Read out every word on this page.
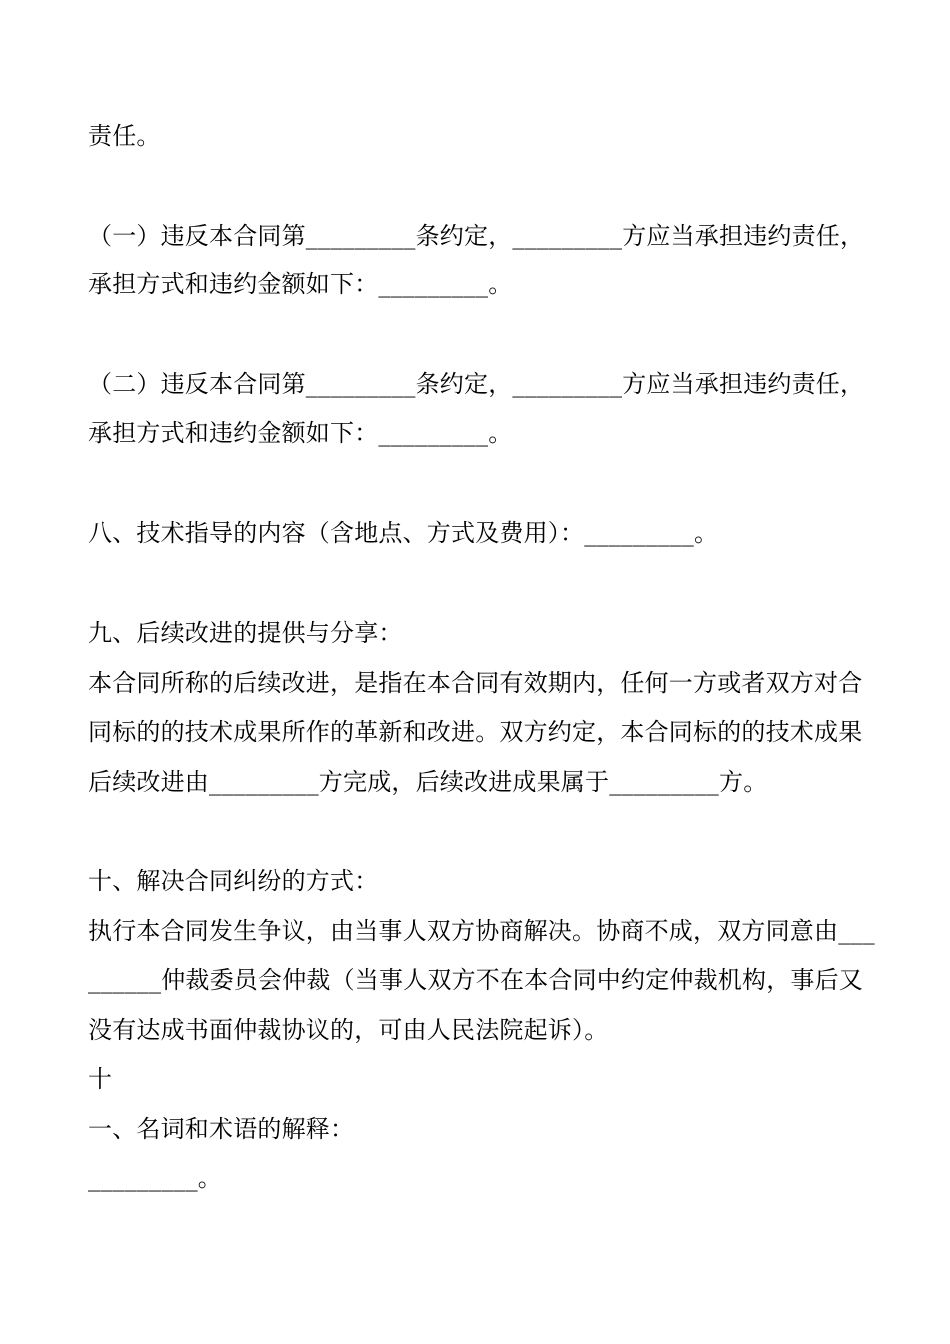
责任。
（一）违反本合同第_________条约定，_________方应当承担违约责任，
承担方式和违约金额如下：_________。
（二）违反本合同第_________条约定，_________方应当承担违约责任，
承担方式和违约金额如下：_________。
八、技术指导的内容（含地点、方式及费用）：_________。
九、后续改进的提供与分享：
本合同所称的后续改进，是指在本合同有效期内，任何一方或者双方对合
同标的的技术成果所作的革新和改进。双方约定，本合同标的的技术成果
后续改进由_________方完成，后续改进成果属于_________方。
十、解决合同纠纷的方式：
执行本合同发生争议，由当事人双方协商解决。协商不成，双方同意由___
______仲裁委员会仲裁（当事人双方不在本合同中约定仲裁机构，事后又
没有达成书面仲裁协议的，可由人民法院起诉）。
十
一、名词和术语的解释：
_________。
